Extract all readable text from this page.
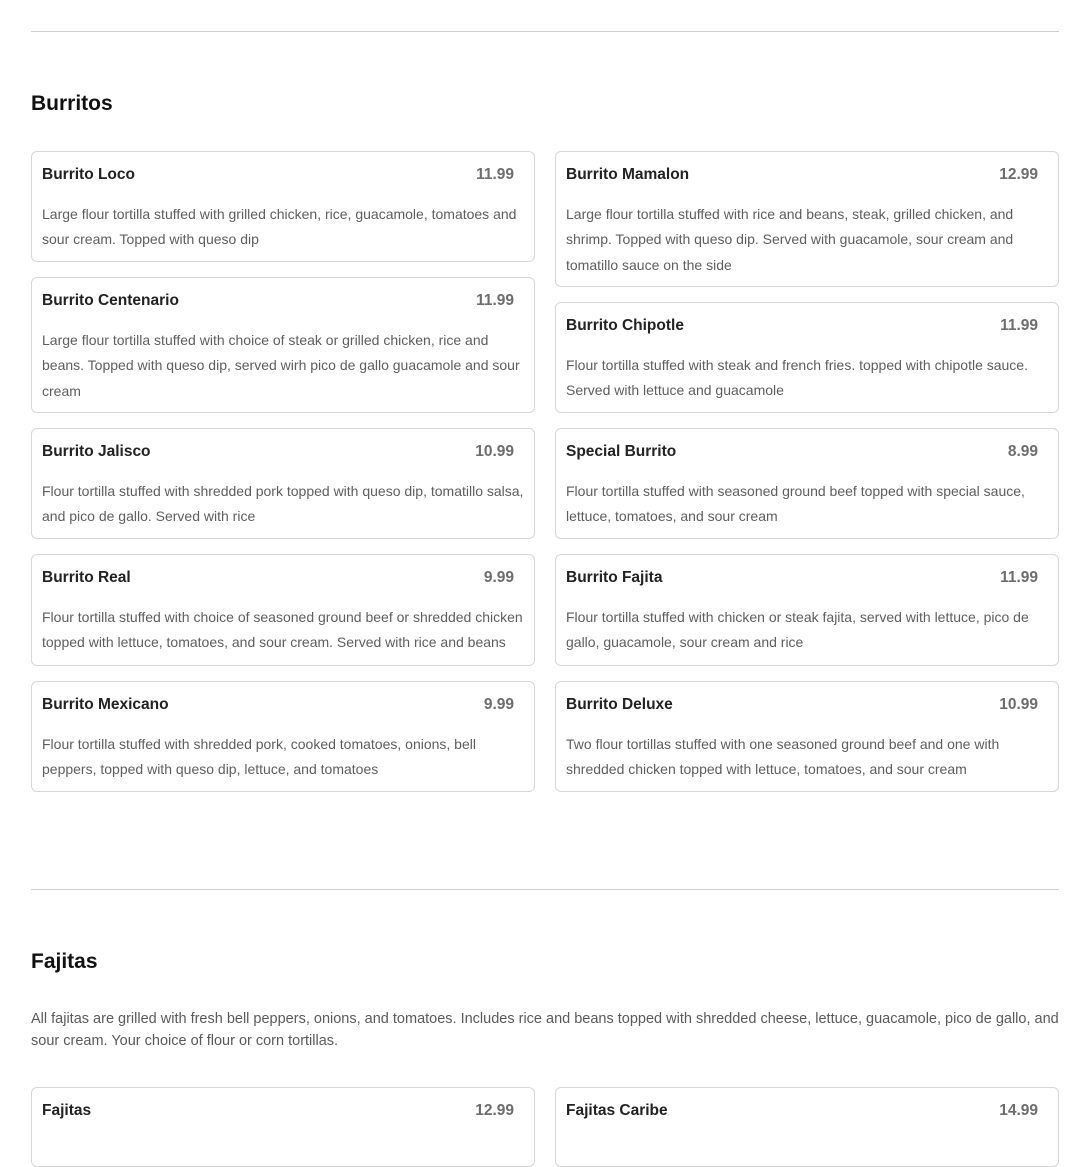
Burritos
Burrito Loco	11.99

Large flour tortilla stuffed with grilled chicken, rice, guacamole, tomatoes and sour cream. Topped with queso dip

Burrito Centenario	11.99

Large flour tortilla stuffed with choice of steak or grilled chicken, rice and beans. Topped with queso dip, served wirh pico de gallo guacamole and sour cream

Burrito Jalisco	10.99

Flour tortilla stuffed with shredded pork topped with queso dip, tomatillo salsa, and pico de gallo. Served with rice

Burrito Real	9.99

Flour tortilla stuffed with choice of seasoned ground beef or shredded chicken topped with lettuce, tomatoes, and sour cream. Served with rice and beans

Burrito Mexicano	9.99

Flour tortilla stuffed with shredded pork, cooked tomatoes, onions, bell peppers, topped with queso dip, lettuce, and tomatoes

Burrito Mamalon	12.99

Large flour tortilla stuffed with rice and beans, steak, grilled chicken, and shrimp. Topped with queso dip. Served with guacamole, sour cream and tomatillo sauce on the side

Burrito Chipotle	11.99

Flour tortilla stuffed with steak and french fries. topped with chipotle sauce. Served with lettuce and guacamole

Special Burrito	8.99

Flour tortilla stuffed with seasoned ground beef topped with special sauce, lettuce, tomatoes, and sour cream

Burrito Fajita	11.99

Flour tortilla stuffed with chicken or steak fajita, served with lettuce, pico de gallo, guacamole, sour cream and rice

Burrito Deluxe	10.99

Two flour tortillas stuffed with one seasoned ground beef and one with shredded chicken topped with lettuce, tomatoes, and sour cream

Fajitas

All fajitas are grilled with fresh bell peppers, onions, and tomatoes. Includes rice and beans topped with shredded cheese, lettuce, guacamole, pico de gallo, and sour cream. Your choice of flour or corn tortillas.

Fajitas	12.99	Fajitas Caribe	14.99
